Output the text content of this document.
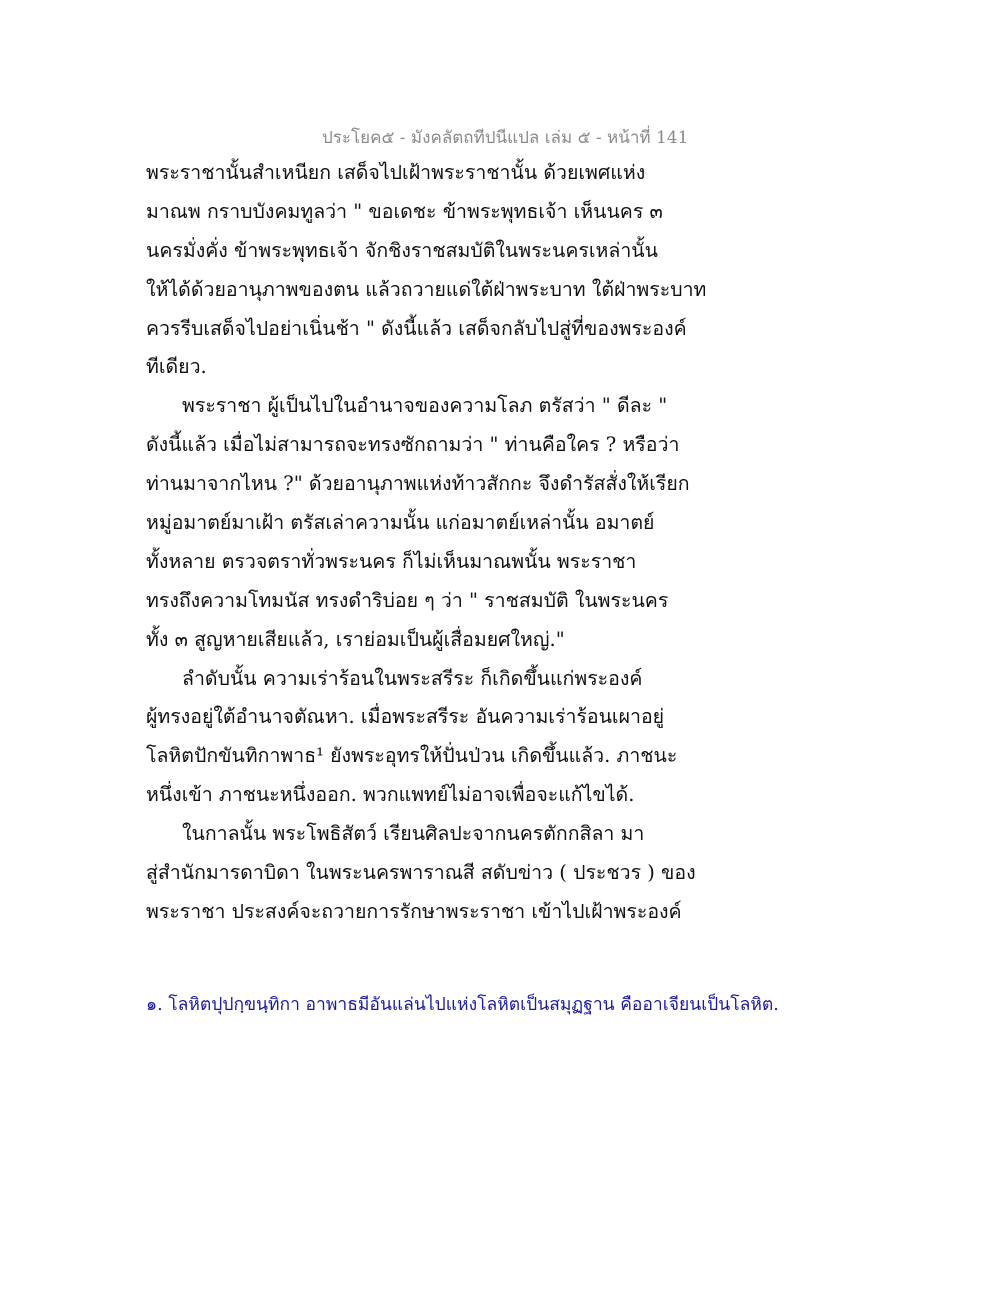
ประโยค๕ - มังคลัตถทีปนีแปล เล่ม ๕ - หน้าที่ 141
พระราชานั้นสำเหนียก เสด็จไปเฝ้าพระราชานั้น ด้วยเพศแห่ง
มาณพ กราบบังคมทูลว่า " ขอเดชะ ข้าพระพุทธเจ้า เห็นนคร ๓
นครมั่งคั่ง ข้าพระพุทธเจ้า จักชิงราชสมบัติในพระนครเหล่านั้น
ให้ได้ด้วยอานุภาพของตน แล้วถวายแด่ใต้ฝ่าพระบาท ใต้ฝ่าพระบาท
ควรรีบเสด็จไปอย่าเนิ่นช้า " ดังนี้แล้ว เสด็จกลับไปสู่ที่ของพระองค์
ทีเดียว.
พระราชา ผู้เป็นไปในอำนาจของความโลภ ตรัสว่า " ดีละ "
ดังนี้แล้ว เมื่อไม่สามารถจะทรงซักถามว่า " ท่านคือใคร ? หรือว่า
ท่านมาจากไหน ?" ด้วยอานุภาพแห่งท้าวสักกะ จึงดำรัสสั่งให้เรียก
หมู่อมาตย์มาเฝ้า ตรัสเล่าความนั้น แก่อมาตย์เหล่านั้น อมาตย์
ทั้งหลาย ตรวจตราทั่วพระนคร ก็ไม่เห็นมาณพนั้น พระราชา
ทรงถึงความโทมนัส ทรงดำริบ่อย ๆ ว่า " ราชสมบัติ ในพระนคร
ทั้ง ๓ สูญหายเสียแล้ว, เราย่อมเป็นผู้เสื่อมยศใหญ่."
ลำดับนั้น ความเร่าร้อนในพระสรีระ ก็เกิดขึ้นแก่พระองค์
ผู้ทรงอยู่ใต้อำนาจตัณหา. เมื่อพระสรีระ อันความเร่าร้อนเผาอยู่
โลหิตปักขันทิกาพาธ¹ ยังพระอุทรให้ปั่นป่วน เกิดขึ้นแล้ว. ภาชนะ
หนึ่งเข้า ภาชนะหนึ่งออก. พวกแพทย์ไม่อาจเพื่อจะแก้ไขได้.
ในกาลนั้น พระโพธิสัตว์ เรียนศิลปะจากนครตักกสิลา มา
สู่สำนักมารดาบิดา ในพระนครพาราณสี สดับข่าว ( ประชวร ) ของ
พระราชา ประสงค์จะถวายการรักษาพระราชา เข้าไปเฝ้าพระองค์
๑. โลหิตปุปกฺขนฺทิกา อาพาธมีอันแล่นไปแห่งโลหิตเป็นสมุฏฐาน คืออาเจียนเป็นโลหิต.
